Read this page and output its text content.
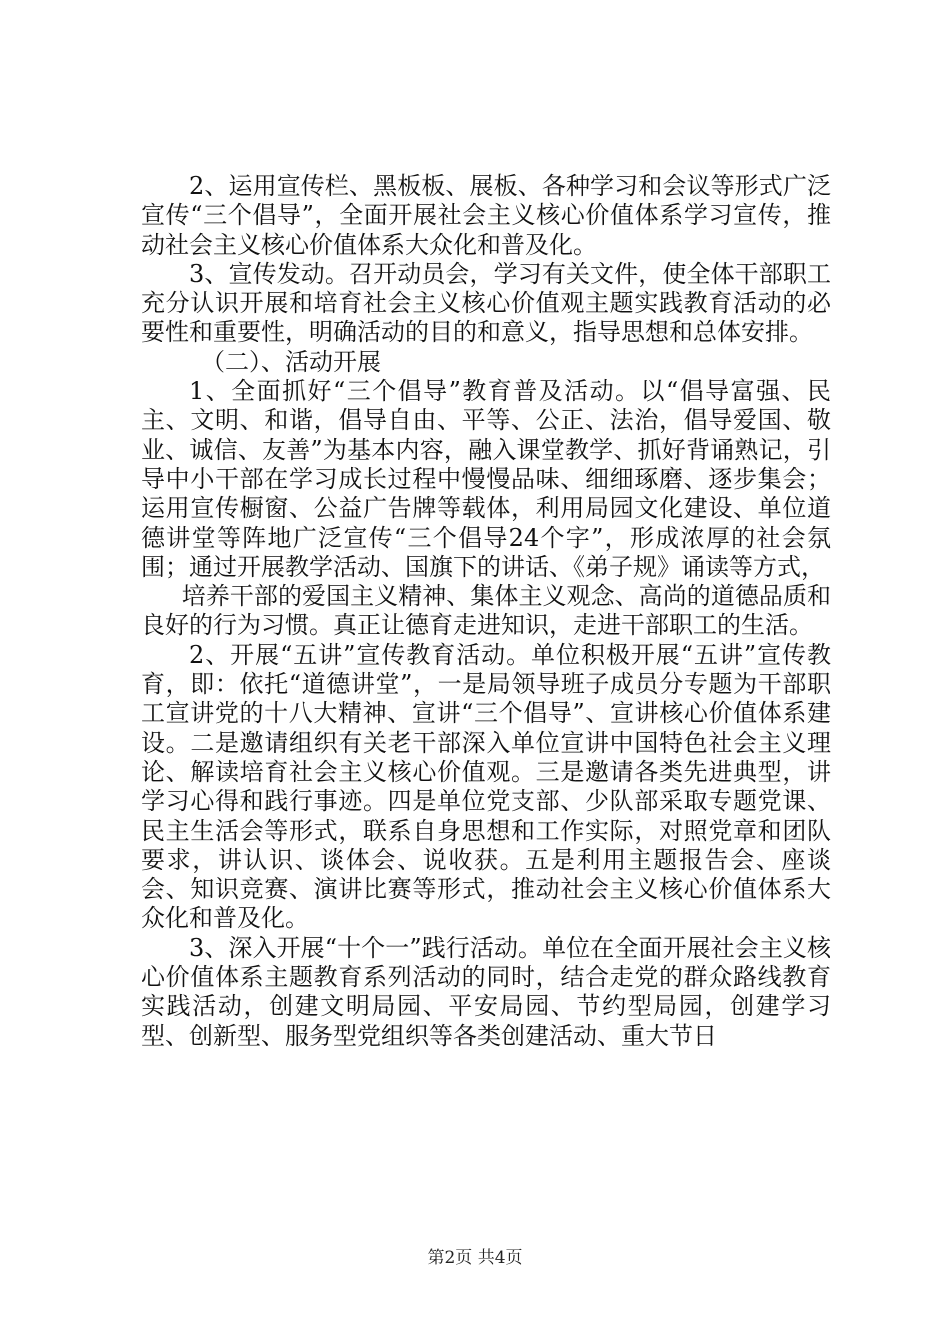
2、运用宣传栏、黑板板、展板、各种学习和会议等形式广泛宣传“三个倡导”，全面开展社会主义核心价值体系学习宣传，推动社会主义核心价值体系大众化和普及化。

3、宣传发动。召开动员会，学习有关文件，使全体干部职工充分认识开展和培育社会主义核心价值观主题实践教育活动的必要性和重要性，明确活动的目的和意义，指导思想和总体安排。

（二）、活动开展

1、全面抓好“三个倡导”教育普及活动。以“倡导富强、民主、文明、和谐，倡导自由、平等、公正、法治，倡导爱国、敬业、诚信、友善”为基本内容，融入课堂教学、抓好背诵熟记，引导中小干部在学习成长过程中慢慢品味、细细琢磨、逐步集会；运用宣传橱窗、公益广告牌等载体，利用局园文化建设、单位道德讲堂等阵地广泛宣传“三个倡导24个字”，形成浓厚的社会氛围；通过开展教学活动、国旗下的讲话、《弟子规》诵读等方式，

培养干部的爱国主义精神、集体主义观念、高尚的道德品质和良好的行为习惯。真正让德育走进知识，走进干部职工的生活。

2、开展“五讲”宣传教育活动。单位积极开展“五讲”宣传教育，即：依托“道德讲堂”，一是局领导班子成员分专题为干部职工宣讲党的十八大精神、宣讲“三个倡导”、宣讲核心价值体系建设。二是邀请组织有关老干部深入单位宣讲中国特色社会主义理论、解读培育社会主义核心价值观。三是邀请各类先进典型，讲学习心得和践行事迹。四是单位党支部、少队部采取专题党课、民主生活会等形式，联系自身思想和工作实际，对照党章和团队要求，讲认识、谈体会、说收获。五是利用主题报告会、座谈会、知识竞赛、演讲比赛等形式，推动社会主义核心价值体系大众化和普及化。

3、深入开展“十个一”践行活动。单位在全面开展社会主义核心价值体系主题教育系列活动的同时，结合走党的群众路线教育实践活动，创建文明局园、平安局园、节约型局园，创建学习型、创新型、服务型党组织等各类创建活动、重大节日

第2页 共4页
